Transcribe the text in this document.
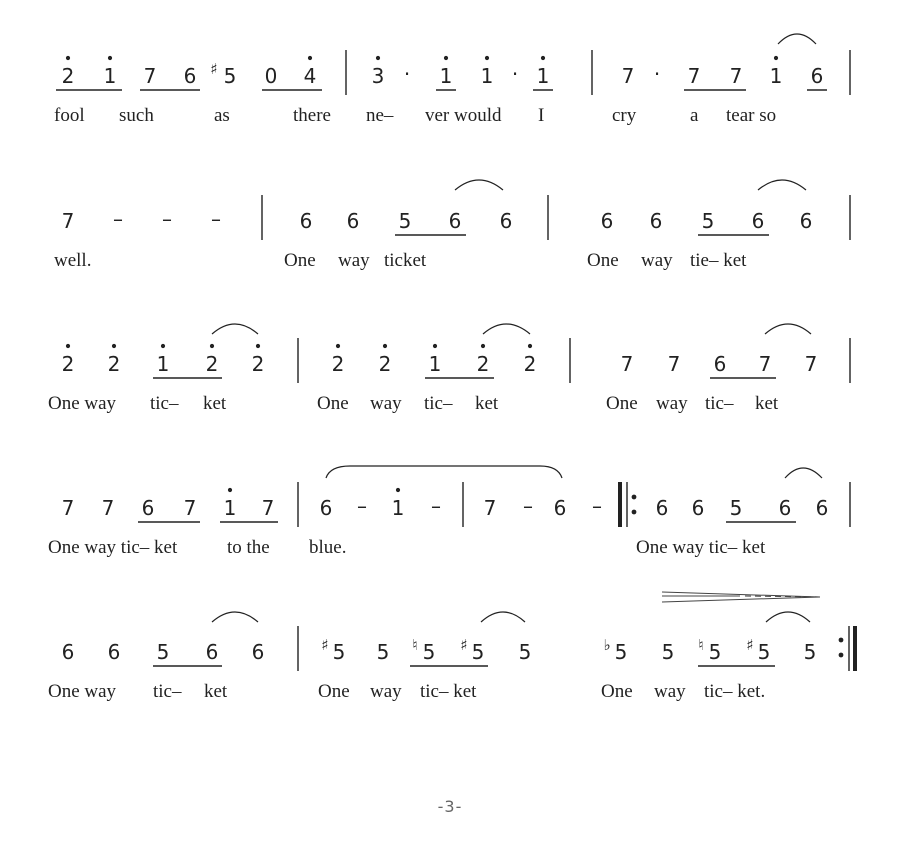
2 1 7 6 ♯ 5 0 4	3 · 1 1 · 1	7 · 7 7 1 6
fool such	as	there ne– ver would I	cry	a tear so
7 – – –	6 6 5 6 6	6 6 5 6 6
well.	One way ticket	One way tie– ket
2 2 1 2 2	2 2 1 2 2	7 7 6 7 7
One way tic– ket	One way tic– ket	One way tic– ket
7 7 6 7 1 7 6 – 1 – 7 – 6 –	6 6 5 6 6
One way tic– ket	to the blue.	One way tic– ket
6 6 5 6 6	♯ 5 5 ♮ 5 ♯ 5 5	♭ 5 5 ♮ 5 ♯ 5 5
One way tic– ket	One way tic– ket	One way tic– ket.
-3-
